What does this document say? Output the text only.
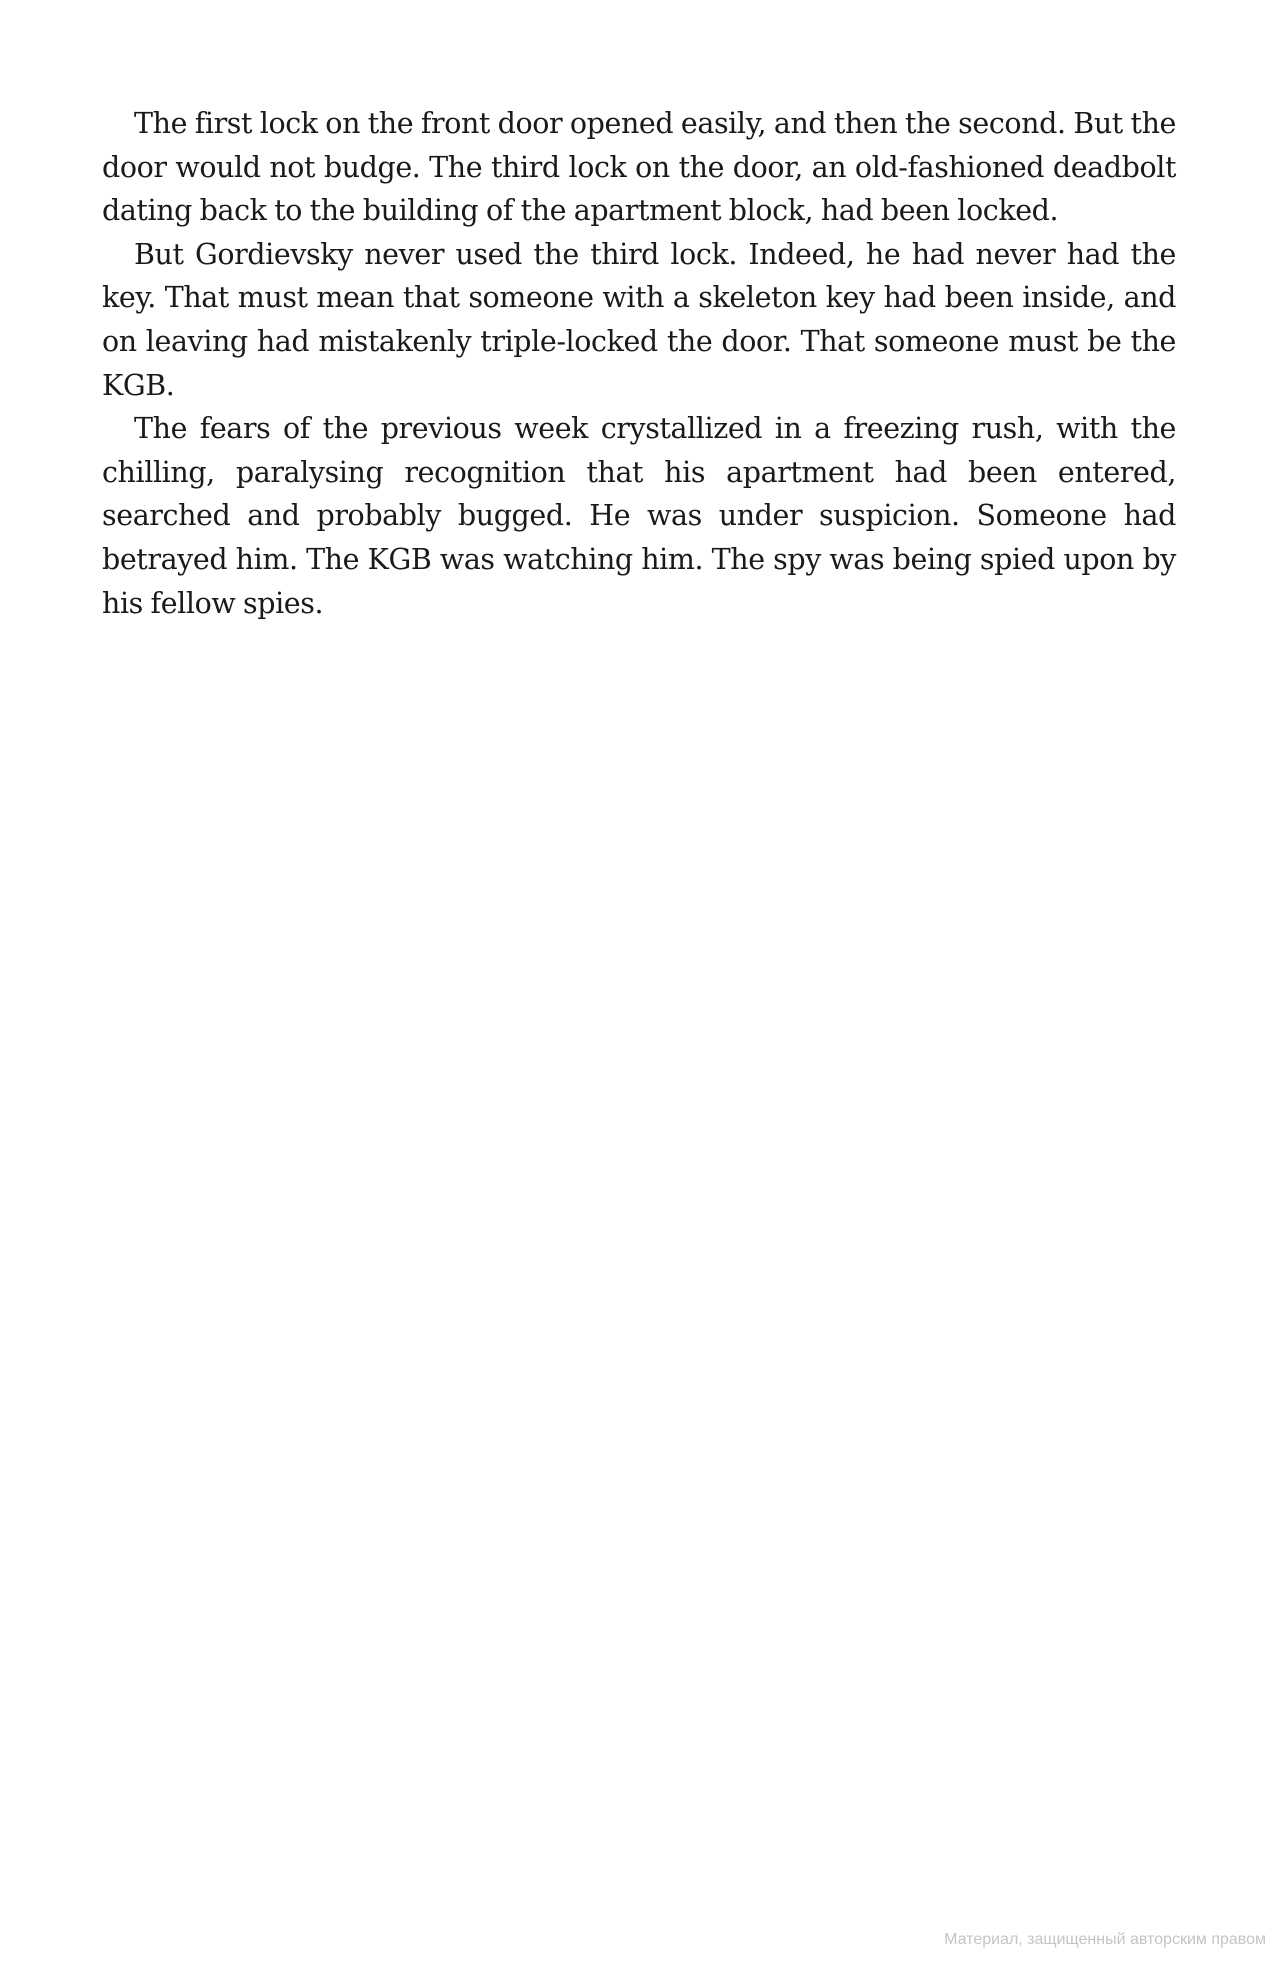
The first lock on the front door opened easily, and then the second. But the door would not budge. The third lock on the door, an old-fashioned deadbolt dating back to the building of the apartment block, had been locked.

But Gordievsky never used the third lock. Indeed, he had never had the key. That must mean that someone with a skeleton key had been inside, and on leaving had mistakenly triple-locked the door. That someone must be the KGB.

The fears of the previous week crystallized in a freezing rush, with the chilling, paralysing recognition that his apartment had been entered, searched and probably bugged. He was under suspicion. Someone had betrayed him. The KGB was watching him. The spy was being spied upon by his fellow spies.

Материал, защищенный авторским правом
